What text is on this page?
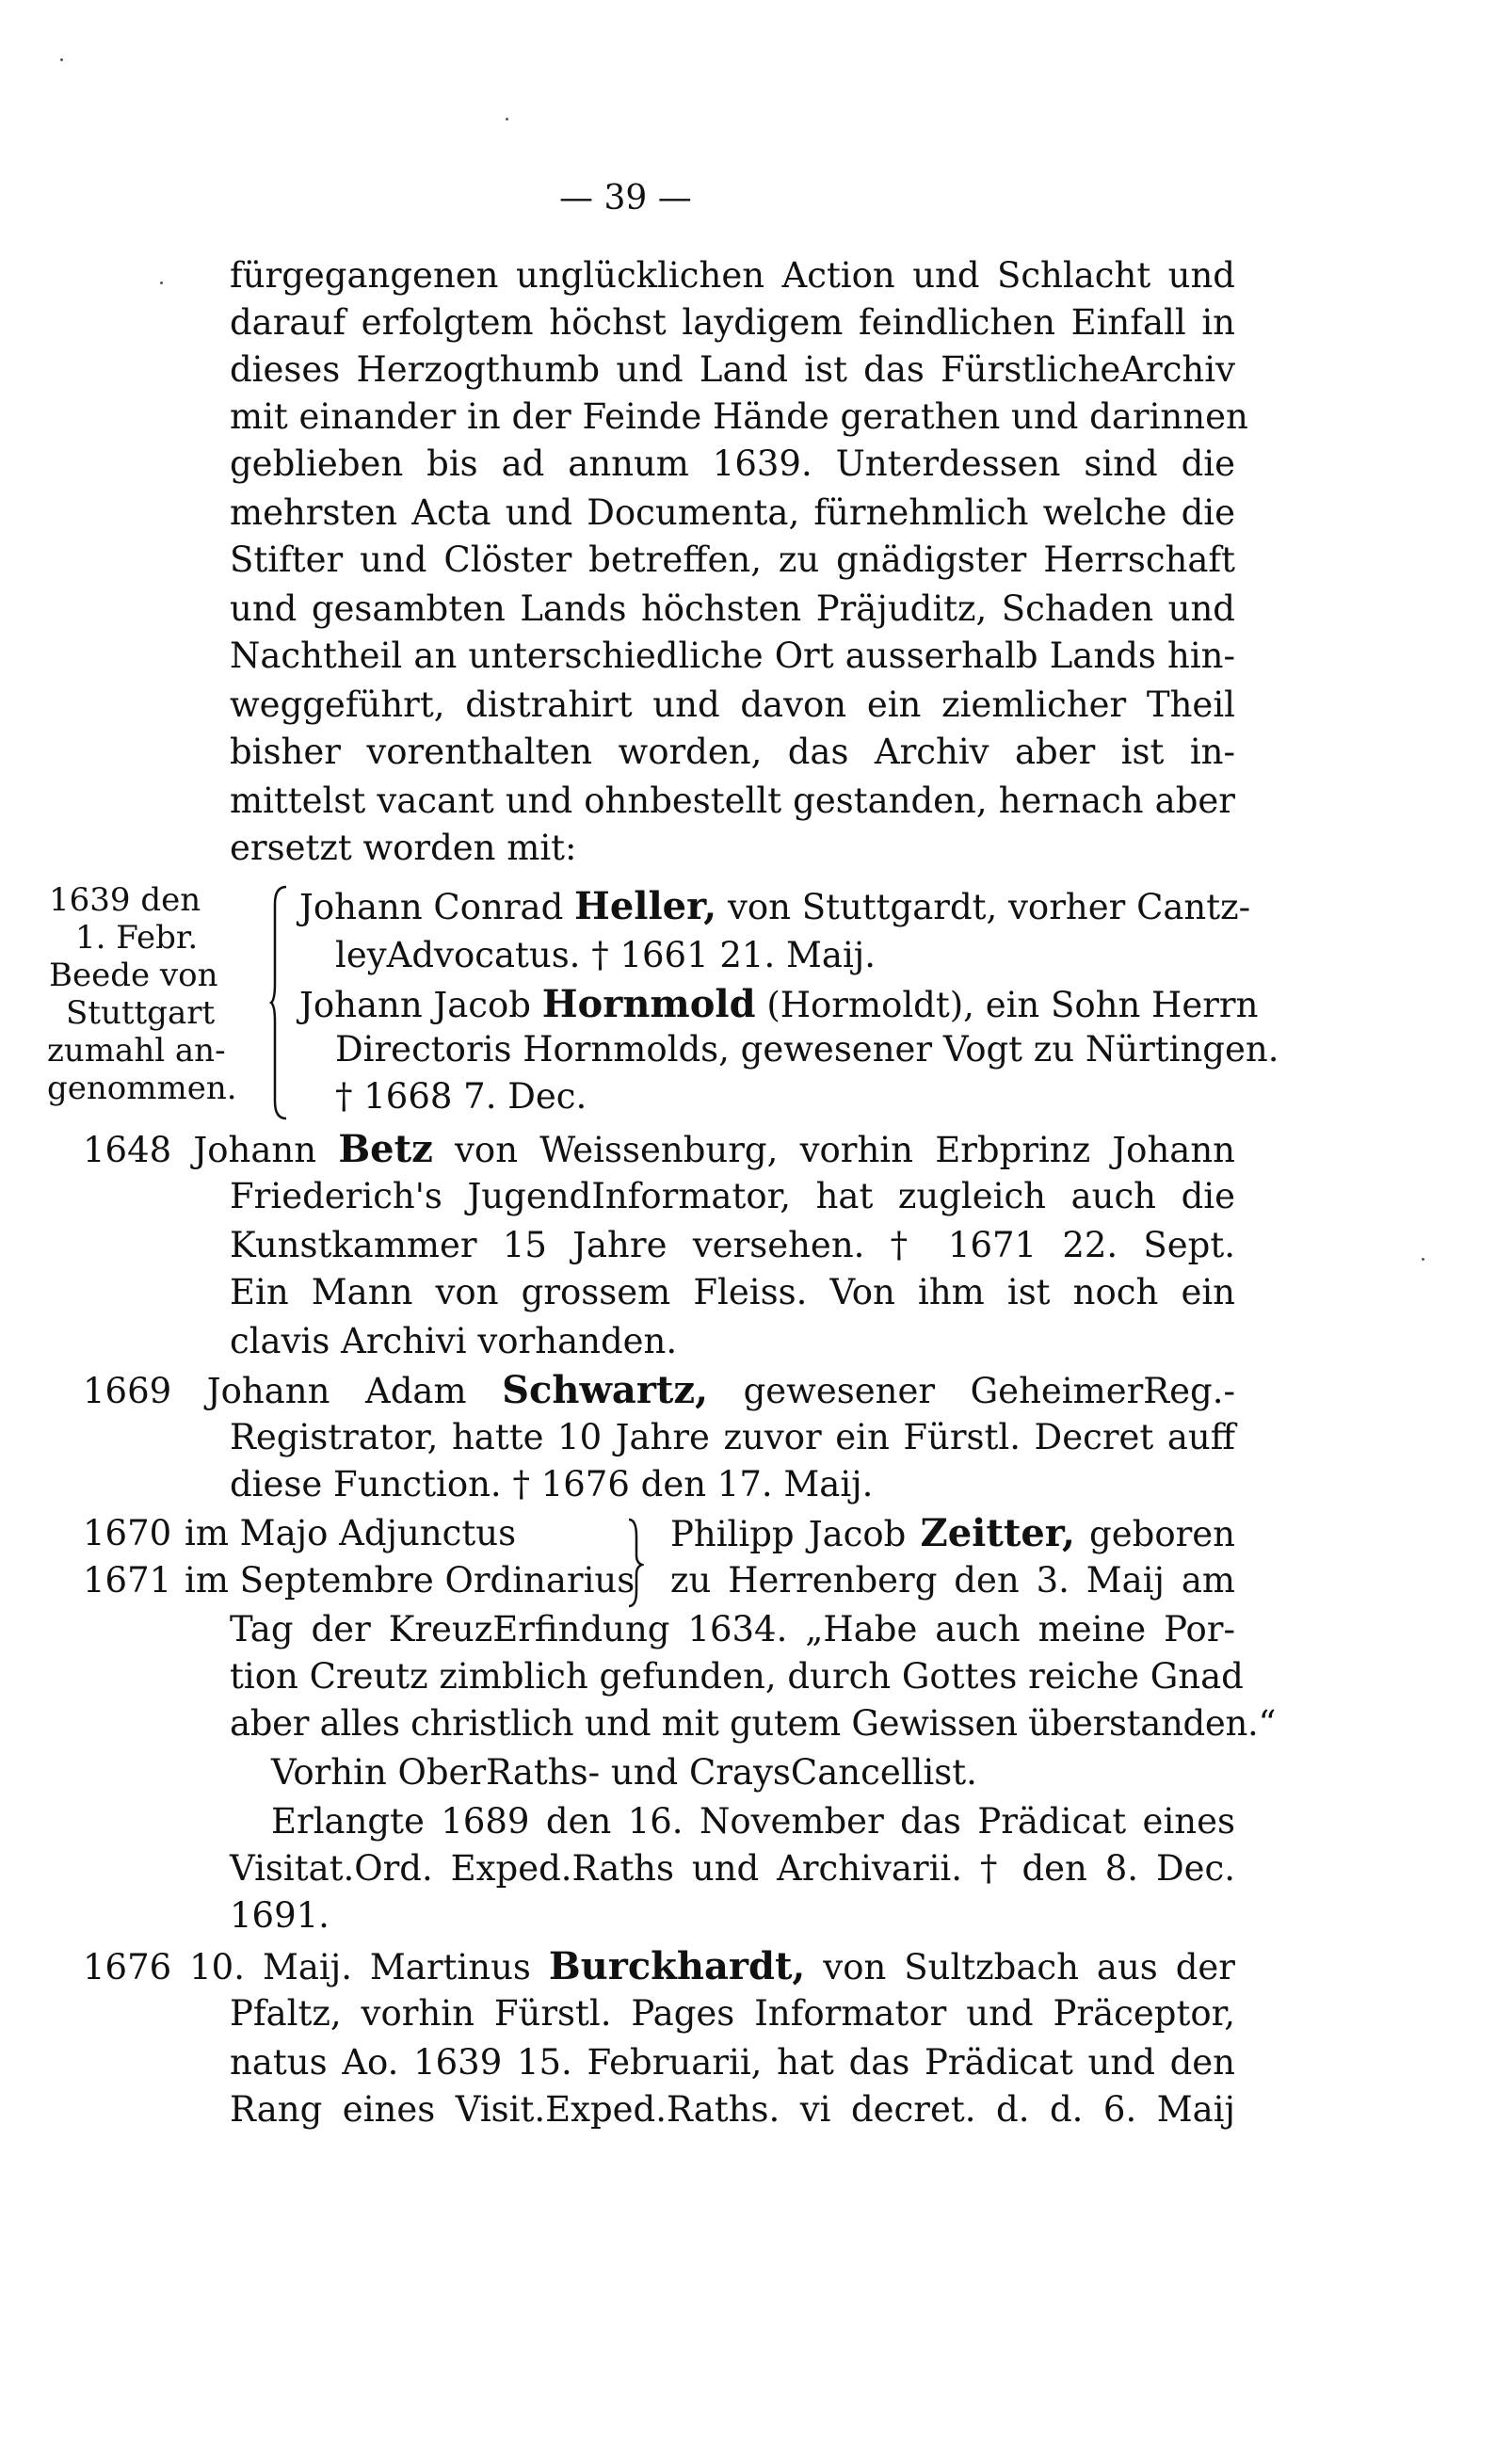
— 39 —
fürgegangenen unglücklichen Action und Schlacht und
darauf erfolgtem höchst laydigem feindlichen Einfall in
dieses Herzogthumb und Land ist das FürstlicheArchiv
mit einander in der Feinde Hände gerathen und darinnen
geblieben bis ad annum 1639. Unterdessen sind die
mehrsten Acta und Documenta, fürnehmlich welche die
Stifter und Clöster betreffen, zu gnädigster Herrschaft
und gesambten Lands höchsten Präjuditz, Schaden und
Nachtheil an unterschiedliche Ort ausserhalb Lands hin-
weggeführt, distrahirt und davon ein ziemlicher Theil
bisher vorenthalten worden, das Archiv aber ist in-
mittelst vacant und ohnbestellt gestanden, hernach aber
ersetzt worden mit:
1639 den
1. Febr.
Beede von
Stuttgart
zumahl an-
genommen.
Johann Conrad Heller, von Stuttgardt, vorher Cantz-
leyAdvocatus. † 1661 21. Maij.
Johann Jacob Hornmold (Hormoldt), ein Sohn Herrn
Directoris Hornmolds, gewesener Vogt zu Nürtingen.
† 1668 7. Dec.
1648 Johann Betz von Weissenburg, vorhin Erbprinz Johann
Friederich's JugendInformator, hat zugleich auch die
Kunstkammer 15 Jahre versehen. † 1671 22. Sept.
Ein Mann von grossem Fleiss. Von ihm ist noch ein
clavis Archivi vorhanden.
1669 Johann Adam Schwartz, gewesener GeheimerReg.-
Registrator, hatte 10 Jahre zuvor ein Fürstl. Decret auff
diese Function. † 1676 den 17. Maij.
1670 im Majo Adjunctus
1671 im Septembre Ordinarius
Philipp Jacob Zeitter, geboren
zu Herrenberg den 3. Maij am
Tag der KreuzErfindung 1634. „Habe auch meine Por-
tion Creutz zimblich gefunden, durch Gottes reiche Gnad
aber alles christlich und mit gutem Gewissen überstanden.“
Vorhin OberRaths- und CraysCancellist.
Erlangte 1689 den 16. November das Prädicat eines
Visitat.Ord. Exped.Raths und Archivarii. † den 8. Dec.
1691.
1676 10. Maij. Martinus Burckhardt, von Sultzbach aus der
Pfaltz, vorhin Fürstl. Pages Informator und Präceptor,
natus Ao. 1639 15. Februarii, hat das Prädicat und den
Rang eines Visit.Exped.Raths. vi decret. d. d. 6. Maij
